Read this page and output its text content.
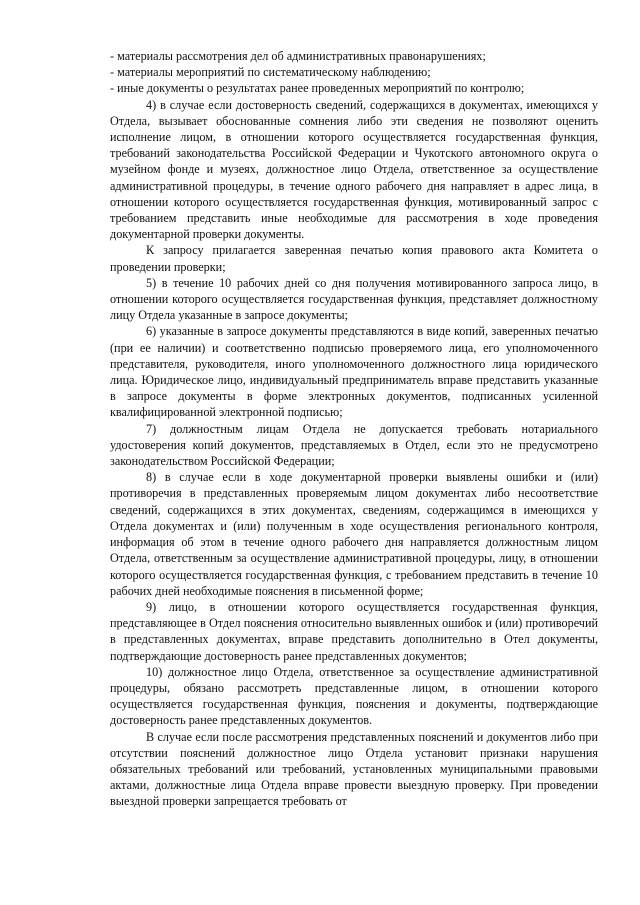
- материалы рассмотрения дел об административных правонарушениях;

- материалы мероприятий по систематическому наблюдению;

- иные документы о результатах ранее проведенных мероприятий по контролю;

4) в случае если достоверность сведений, содержащихся в документах, имеющихся у Отдела, вызывает обоснованные сомнения либо эти сведения не позволяют оценить исполнение лицом, в отношении которого осуществляется государственная функция, требований законодательства Российской Федерации и Чукотского автономного округа о музейном фонде и музеях, должностное лицо Отдела, ответственное за осуществление административной процедуры, в течение одного рабочего дня направляет в адрес лица, в отношении которого осуществляется государственная функция, мотивированный запрос с требованием представить иные необходимые для рассмотрения в ходе проведения документарной проверки документы.

К запросу прилагается заверенная печатью копия правового акта Комитета о проведении проверки;

5) в течение 10 рабочих дней со дня получения мотивированного запроса лицо, в отношении которого осуществляется государственная функция, представляет должностному лицу Отдела указанные в запросе документы;

6) указанные в запросе документы представляются в виде копий, заверенных печатью (при ее наличии) и соответственно подписью проверяемого лица, его уполномоченного представителя, руководителя, иного уполномоченного должностного лица юридического лица. Юридическое лицо, индивидуальный предприниматель вправе представить указанные в запросе документы в форме электронных документов, подписанных усиленной квалифицированной электронной подписью;

7) должностным лицам Отдела не допускается требовать нотариального удостоверения копий документов, представляемых в Отдел, если это не предусмотрено законодательством Российской Федерации;

8) в случае если в ходе документарной проверки выявлены ошибки и (или) противоречия в представленных проверяемым лицом документах либо несоответствие сведений, содержащихся в этих документах, сведениям, содержащимся в имеющихся у Отдела документах и (или) полученным в ходе осуществления регионального контроля, информация об этом в течение одного рабочего дня направляется должностным лицом Отдела, ответственным за осуществление административной процедуры, лицу, в отношении которого осуществляется государственная функция, с требованием представить в течение 10 рабочих дней необходимые пояснения в письменной форме;

9) лицо, в отношении которого осуществляется государственная функция, представляющее в Отдел пояснения относительно выявленных ошибок и (или) противоречий в представленных документах, вправе представить дополнительно в Отел документы, подтверждающие достоверность ранее представленных документов;

10) должностное лицо Отдела, ответственное за осуществление административной процедуры, обязано рассмотреть представленные лицом, в отношении которого осуществляется государственная функция, пояснения и документы, подтверждающие достоверность ранее представленных документов.

В случае если после рассмотрения представленных пояснений и документов либо при отсутствии пояснений должностное лицо Отдела установит признаки нарушения обязательных требований или требований, установленных муниципальными правовыми актами, должностные лица Отдела вправе провести выездную проверку. При проведении выездной проверки запрещается требовать от
